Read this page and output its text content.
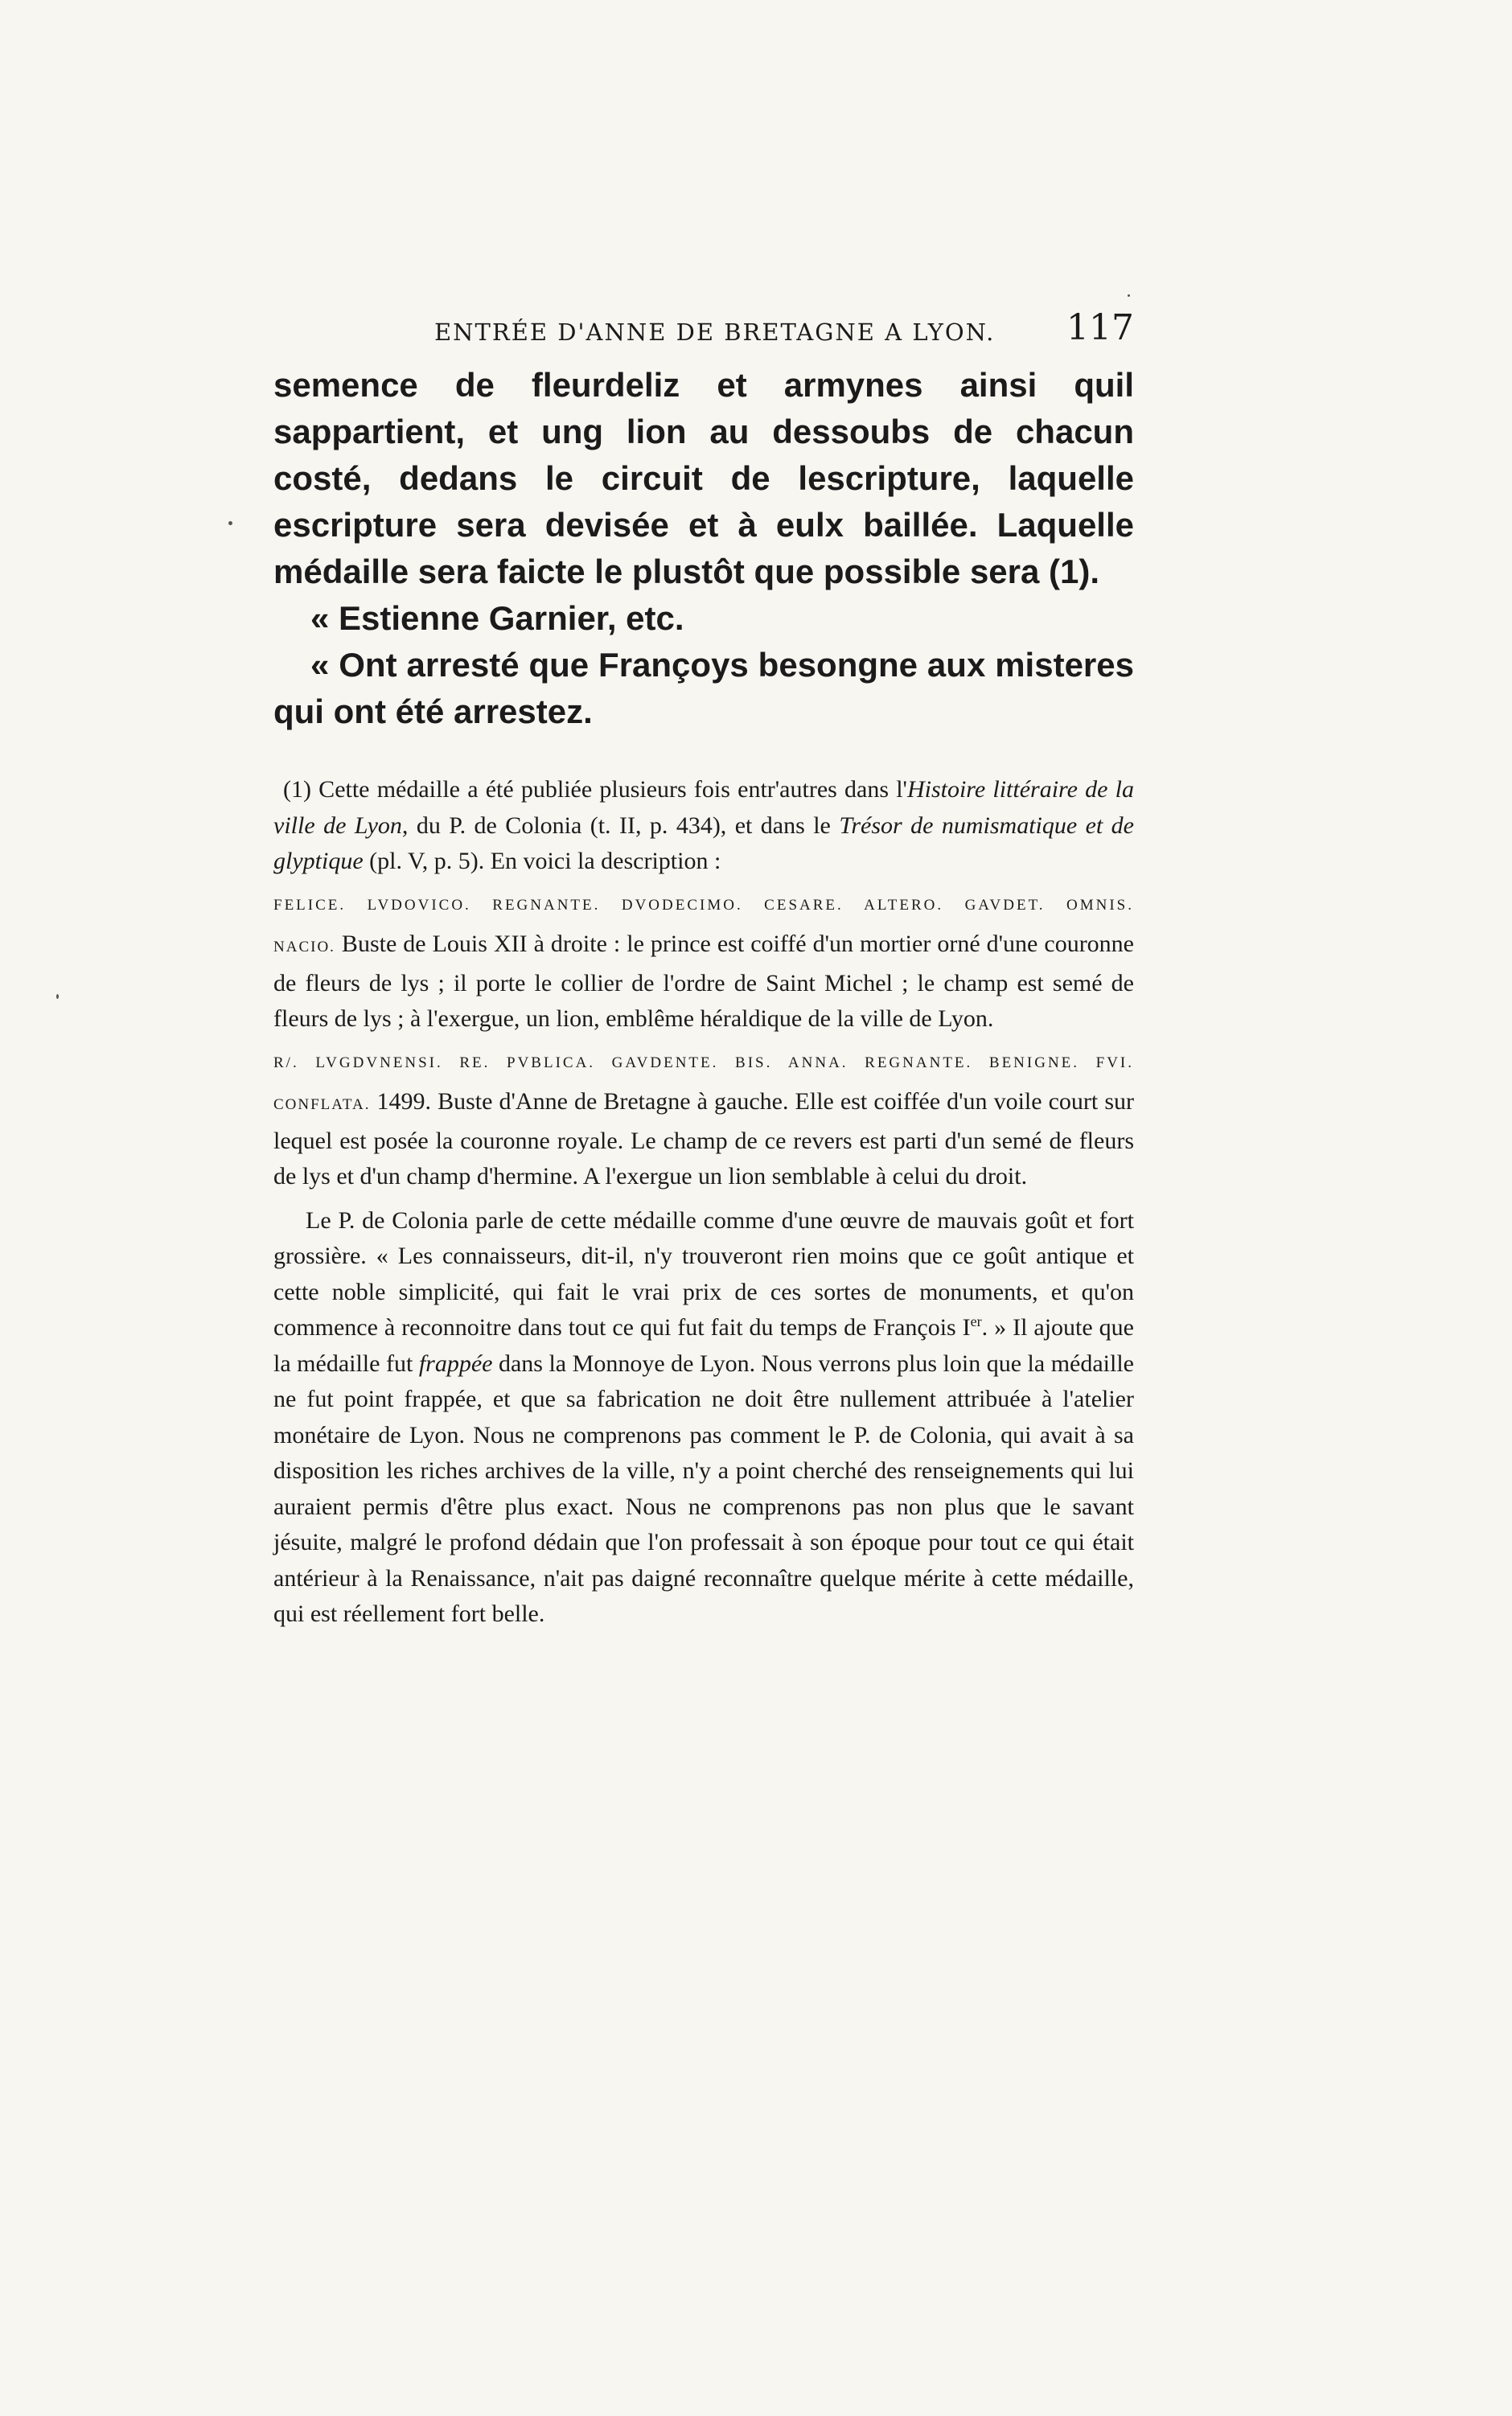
ENTRÉE D'ANNE DE BRETAGNE A LYON. 117

semence de fleurdeliz et armynes ainsi quil sappartient, et ung lion au dessoubs de chacun costé, dedans le circuit de lescripture, laquelle escripture sera devisée et à eulx baillée. Laquelle médaille sera faicte le plustôt que possible sera (1).

« Estienne Garnier, etc.

« Ont arresté que Françoys besongne aux misteres qui ont été arrestez.

(1) Cette médaille a été publiée plusieurs fois entr'autres dans l'Histoire littéraire de la ville de Lyon, du P. de Colonia (t. II, p. 434), et dans le Trésor de numismatique et de glyptique (pl. V, p. 5). En voici la description :

FELICE. LVDOVICO. REGNANTE. DVODECIMO. CESARE. ALTERO. GAVDET. OMNIS.
NACIO. Buste de Louis XII à droite : le prince est coiffé d'un mortier orné d'une couronne de fleurs de lys ; il porte le collier de l'ordre de Saint Michel ; le champ est semé de fleurs de lys ; à l'exergue, un lion, emblême héraldique de la ville de Lyon.

R/. LVGDVNENSI. RE. PVBLICA. GAVDENTE. BIS. ANNA. REGNANTE. BENIGNE. FVI.
CONFLATA. 1499. Buste d'Anne de Bretagne à gauche. Elle est coiffée d'un voile court sur lequel est posée la couronne royale. Le champ de ce revers est parti d'un semé de fleurs de lys et d'un champ d'hermine. A l'exergue un lion semblable à celui du droit.

Le P. de Colonia parle de cette médaille comme d'une œuvre de mauvais goût et fort grossière. « Les connaisseurs, dit-il, n'y trouveront rien moins que ce goût antique et cette noble simplicité, qui fait le vrai prix de ces sortes de monuments, et qu'on commence à reconnoitre dans tout ce qui fut fait du temps de François Ier. » Il ajoute que la médaille fut frappée dans la Monnoye de Lyon. Nous verrons plus loin que la médaille ne fut point frappée, et que sa fabrication ne doit être nullement attribuée à l'atelier monétaire de Lyon. Nous ne comprenons pas comment le P. de Colonia, qui avait à sa disposition les riches archives de la ville, n'y a point cherché des renseignements qui lui auraient permis d'être plus exact. Nous ne comprenons pas non plus que le savant jésuite, malgré le profond dédain que l'on professait à son époque pour tout ce qui était antérieur à la Renaissance, n'ait pas daigné reconnaître quelque mérite à cette médaille, qui est réellement fort belle.
